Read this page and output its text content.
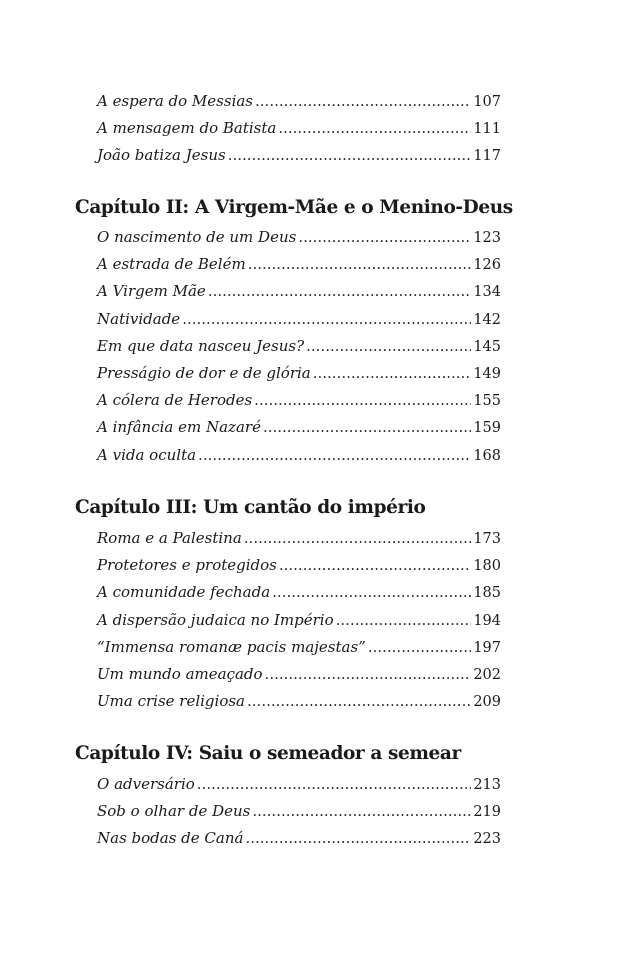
A espera do Messias .....	107
A mensagem do Batista .....	111
João batiza Jesus .....	117
Capítulo II: A Virgem-Mãe e o Menino-Deus
O nascimento de um Deus .....	123
A estrada de Belém .....	126
A Virgem Mãe .....	134
Natividade .....	142
Em que data nasceu Jesus? .....	145
Presságio de dor e de glória .....	149
A cólera de Herodes .....	155
A infância em Nazaré .....	159
A vida oculta .....	168
Capítulo III: Um cantão do império
Roma e a Palestina .....	173
Protetores e protegidos .....	180
A comunidade fechada .....	185
A dispersão judaica no Império .....	194
“Immensa romanæ pacis majestas” .....	197
Um mundo ameaçado .....	202
Uma crise religiosa .....	209
Capítulo IV: Saiu o semeador a semear
O adversário .....	213
Sob o olhar de Deus .....	219
Nas bodas de Caná .....	223
